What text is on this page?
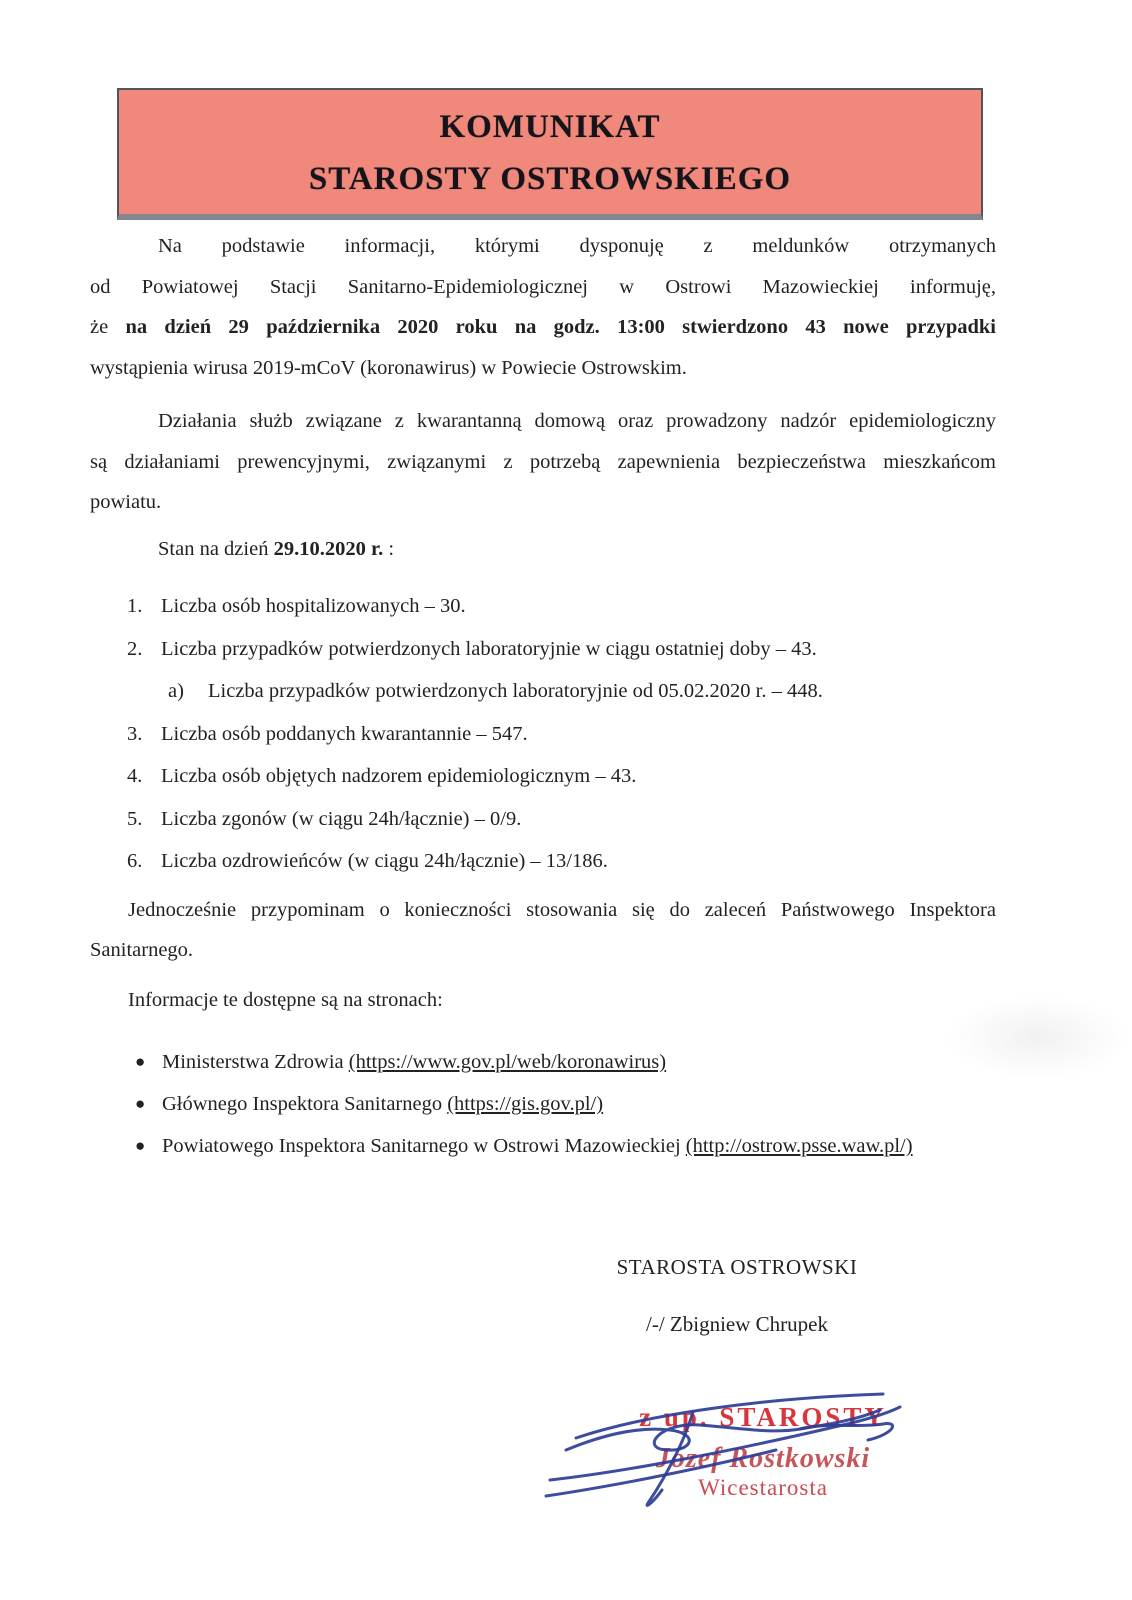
KOMUNIKAT
STAROSTY OSTROWSKIEGO
Na podstawie informacji, którymi dysponuję z meldunków otrzymanych
od Powiatowej Stacji Sanitarno-Epidemiologicznej w Ostrowi Mazowieckiej informuję,
że na dzień 29 października 2020 roku na godz. 13:00 stwierdzono 43 nowe przypadki
wystąpienia wirusa 2019-mCoV (koronawirus) w Powiecie Ostrowskim.
Działania służb związane z kwarantanną domową oraz prowadzony nadzór epidemiologiczny
są działaniami prewencyjnymi, związanymi z potrzebą zapewnienia bezpieczeństwa mieszkańcom
powiatu.
Stan na dzień 29.10.2020 r. :
1. Liczba osób hospitalizowanych – 30.
2. Liczba przypadków potwierdzonych laboratoryjnie w ciągu ostatniej doby – 43.
a)	Liczba przypadków potwierdzonych laboratoryjnie od 05.02.2020 r. – 448.
3. Liczba osób poddanych kwarantannie – 547.
4. Liczba osób objętych nadzorem epidemiologicznym – 43.
5. Liczba zgonów (w ciągu 24h/łącznie) – 0/9.
6. Liczba ozdrowieńców (w ciągu 24h/łącznie) – 13/186.
Jednocześnie przypominam o konieczności stosowania się do zaleceń Państwowego Inspektora
Sanitarnego.
Informacje te dostępne są na stronach:
● Ministerstwa Zdrowia (https://www.gov.pl/web/koronawirus)
● Głównego Inspektora Sanitarnego (https://gis.gov.pl/)
● Powiatowego Inspektora Sanitarnego w Ostrowi Mazowieckiej (http://ostrow.psse.waw.pl/)
STAROSTA OSTROWSKI
/-/ Zbigniew Chrupek
z up. STAROSTY
Józef Rostkowski
Wicestarosta
